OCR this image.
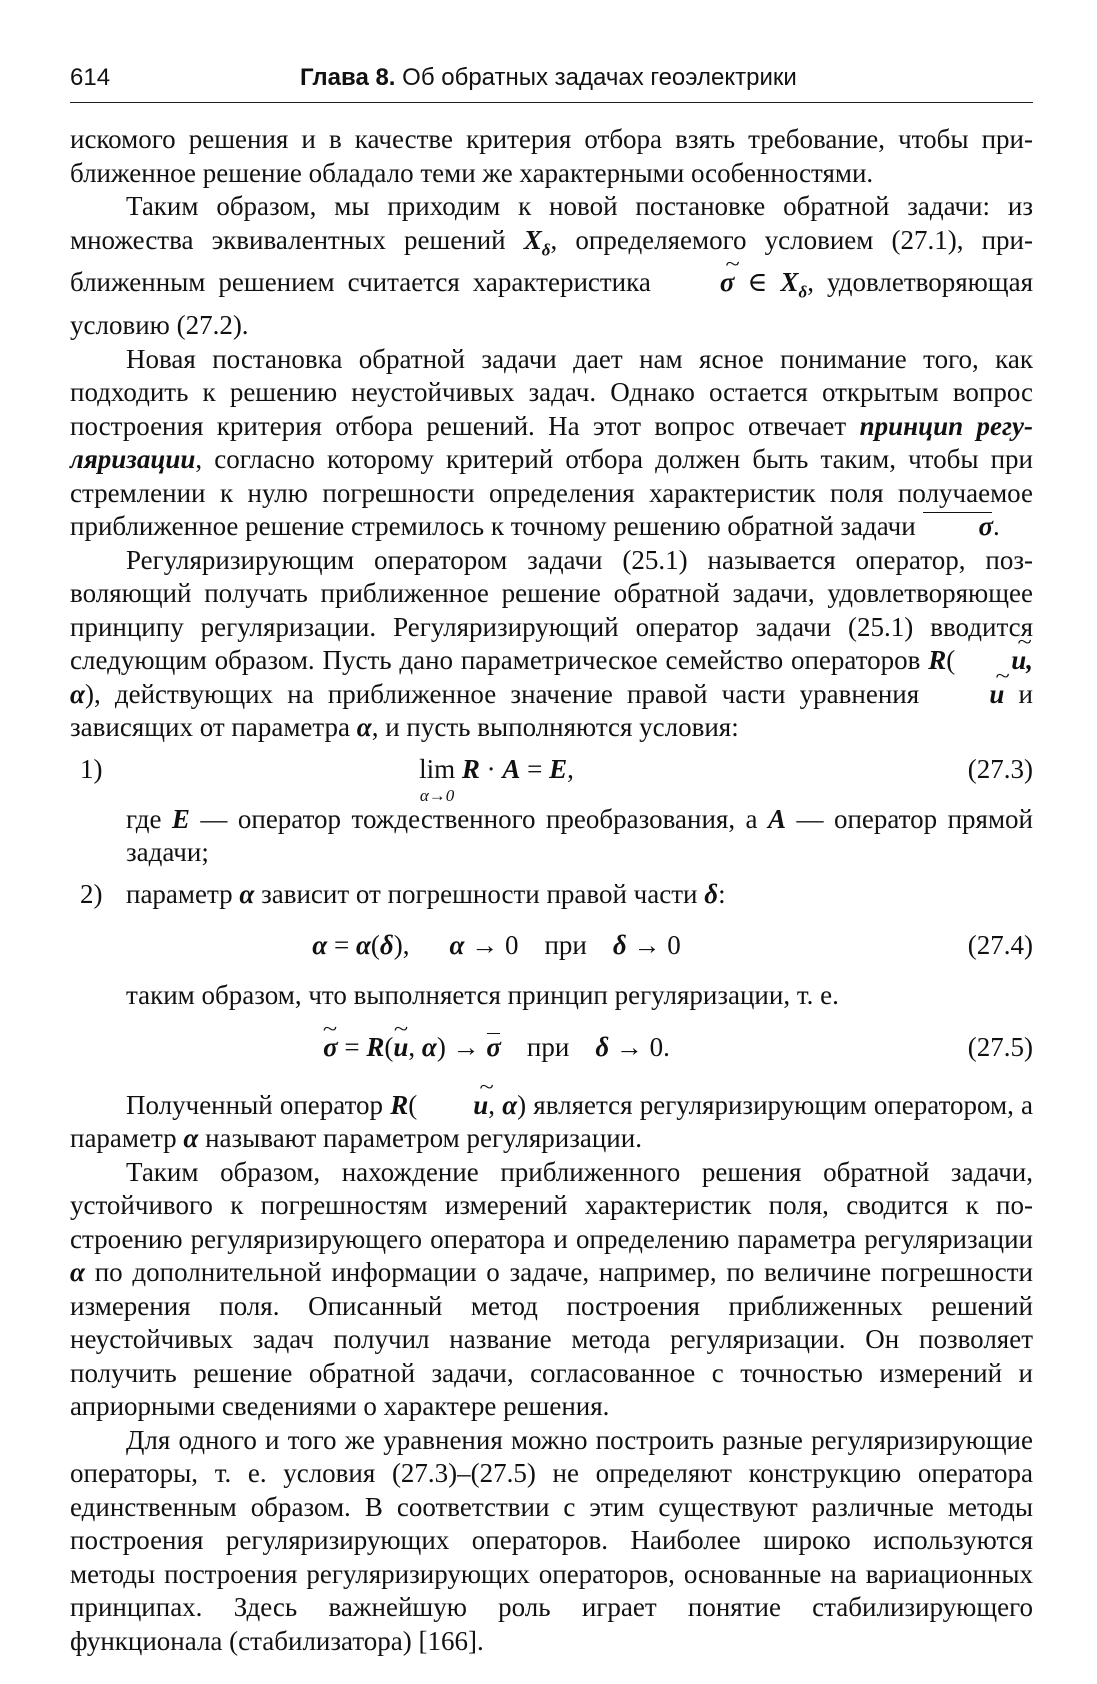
614	Глава 8. Об обратных задачах геоэлектрики

искомого решения и в качестве критерия отбора взять требование, чтобы приближенное решение обладало теми же характерными особенностями.

Таким образом, мы приходим к новой постановке обратной задачи: из множества эквивалентных решений $X_\delta$, определяемого условием (27.1), приближенным решением считается характеристика ~ σ ∈ $X_\delta$, удовлетворяющая условию (27.2).

Новая постановка обратной задачи дает нам ясное понимание того, как подходить к решению неустойчивых задач. Однако остается открытым вопрос построения критерия отбора решений. На этот вопрос отвечает принцип регуляризации, согласно которому критерий отбора должен быть таким, чтобы при стремлении к нулю погрешности определения характеристик поля получаемое приближенное решение стремилось к точному решению обратной задачи σ.

Регуляризирующим оператором задачи (25.1) называется оператор, позволяющий получать приближенное решение обратной задачи, удовлетворяющее принципу регуляризации. Регуляризирующий оператор задачи (25.1) вводится следующим образом. Пусть дано параметрическое семейство операторов R( ~ u, α), действующих на приближенное значение правой части уравнения ~ u и зависящих от параметра α, и пусть выполняются условия:

1)	lim
α→0
R · A = E,	(27.3)
где E — оператор тождественного преобразования, а A — оператор прямой задачи;
2) параметр α зависит от погрешности правой части δ:
α = α(δ), α → 0 при δ → 0	(27.4)
таким образом, что выполняется принцип регуляризации, т. е.
~ σ = R(~ u, α) → σ при δ → 0.	(27.5)

Полученный оператор R( ~ u, α) является регуляризирующим оператором, а параметр α называют параметром регуляризации.

Таким образом, нахождение приближенного решения обратной задачи, устойчивого к погрешностям измерений характеристик поля, сводится к построению регуляризирующего оператора и определению параметра регуляризации α по дополнительной информации о задаче, например, по величине погрешности измерения поля. Описанный метод построения приближенных решений неустойчивых задач получил название метода регуляризации. Он позволяет получить решение обратной задачи, согласованное с точностью измерений и априорными сведениями о характере решения.

Для одного и того же уравнения можно построить разные регуляризирующие операторы, т. е. условия (27.3)–(27.5) не определяют конструкцию оператора единственным образом. В соответствии с этим существуют различные методы построения регуляризирующих операторов. Наиболее широко используются методы построения регуляризирующих операторов, основанные на вариационных принципах. Здесь важнейшую роль играет понятие стабилизирующего функционала (стабилизатора) [166].
